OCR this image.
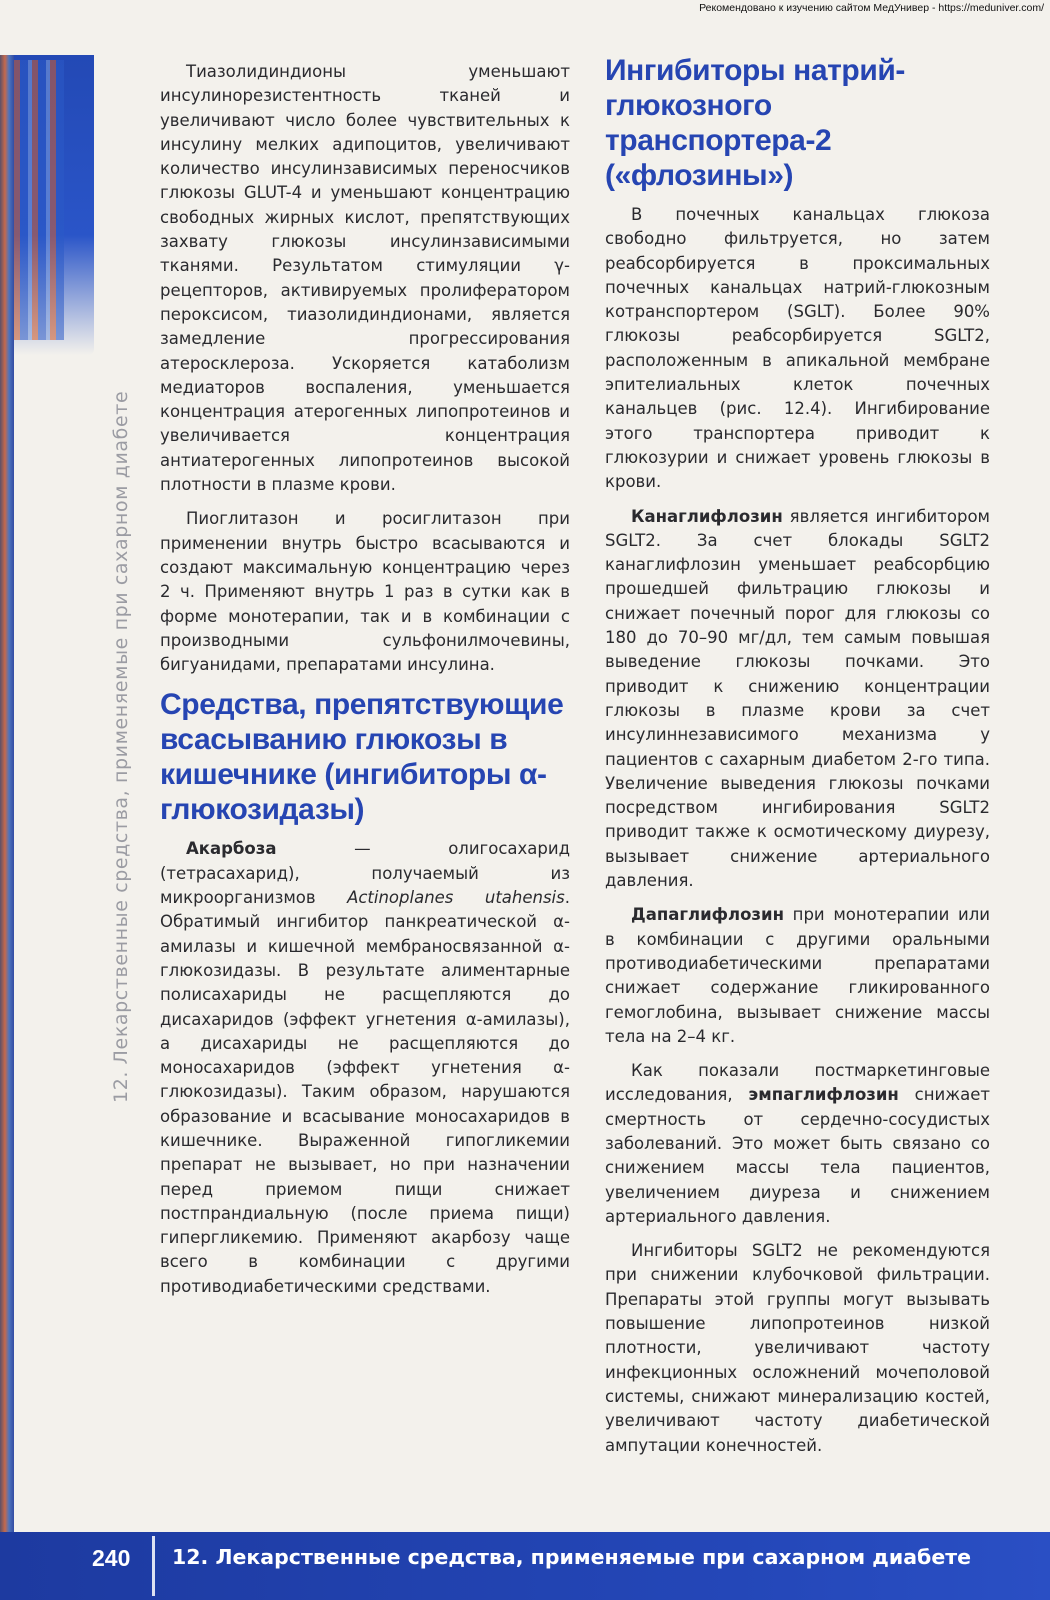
Рекомендовано к изучению сайтом МедУнивер - https://meduniver.com/
12. Лекарственные средства, применяемые при сахарном диабете

Тиазолидиндионы уменьшают инсулинорезистентность тканей и увеличивают число более чувствительных к инсулину мелких адипоцитов, увеличивают количество инсулинзависимых переносчиков глюкозы GLUT-4 и уменьшают концентрацию свободных жирных кислот, препятствующих захвату глюкозы инсулинзависимыми тканями. Результатом стимуляции γ-рецепторов, активируемых пролифератором пероксисом, тиазолидиндионами, является замедление прогрессирования атеросклероза. Ускоряется катаболизм медиаторов воспаления, уменьшается концентрация атерогенных липопротеинов и увеличивается концентрация антиатерогенных липопротеинов высокой плотности в плазме крови.

Пиоглитазон и росиглитазон при применении внутрь быстро всасываются и создают максимальную концентрацию через 2 ч. Применяют внутрь 1 раз в сутки как в форме монотерапии, так и в комбинации с производными сульфонилмочевины, бигуанидами, препаратами инсулина.

Средства, препятствующие всасыванию глюкозы в кишечнике (ингибиторы α-глюкозидазы)

Акарбоза — олигосахарид (тетрасахарид), получаемый из микроорганизмов Actinoplanes utahensis. Обратимый ингибитор панкреатической α-амилазы и кишечной мембраносвязанной α-глюкозидазы. В результате алиментарные полисахариды не расщепляются до дисахаридов (эффект угнетения α-амилазы), а дисахариды не расщепляются до моносахаридов (эффект угнетения α-глюкозидазы). Таким образом, нарушаются образование и всасывание моносахаридов в кишечнике. Выраженной гипогликемии препарат не вызывает, но при назначении перед приемом пищи снижает постпрандиальную (после приема пищи) гипергликемию. Применяют акарбозу чаще всего в комбинации с другими противодиабетическими средствами.

Ингибиторы натрий-глюкозного транспортера-2 («флозины»)

В почечных канальцах глюкоза свободно фильтруется, но затем реабсорбируется в проксимальных почечных канальцах натрий-глюкозным котранспортером (SGLT). Более 90% глюкозы реабсорбируется SGLT2, расположенным в апикальной мембране эпителиальных клеток почечных канальцев (рис. 12.4). Ингибирование этого транспортера приводит к глюкозурии и снижает уровень глюкозы в крови.

Канаглифлозин является ингибитором SGLT2. За счет блокады SGLT2 канаглифлозин уменьшает реабсорбцию прошедшей фильтрацию глюкозы и снижает почечный порог для глюкозы со 180 до 70–90 мг/дл, тем самым повышая выведение глюкозы почками. Это приводит к снижению концентрации глюкозы в плазме крови за счет инсулиннезависимого механизма у пациентов с сахарным диабетом 2-го типа. Увеличение выведения глюкозы почками посредством ингибирования SGLT2 приводит также к осмотическому диурезу, вызывает снижение артериального давления.

Дапаглифлозин при монотерапии или в комбинации с другими оральными противодиабетическими препаратами снижает содержание гликированного гемоглобина, вызывает снижение массы тела на 2–4 кг.

Как показали постмаркетинговые исследования, эмпаглифлозин снижает смертность от сердечно-сосудистых заболеваний. Это может быть связано со снижением массы тела пациентов, увеличением диуреза и снижением артериального давления.

Ингибиторы SGLT2 не рекомендуются при снижении клубочковой фильтрации. Препараты этой группы могут вызывать повышение липопротеинов низкой плотности, увеличивают частоту инфекционных осложнений мочеполовой системы, снижают минерализацию костей, увеличивают частоту диабетической ампутации конечностей.

240 12. Лекарственные средства, применяемые при сахарном диабете
